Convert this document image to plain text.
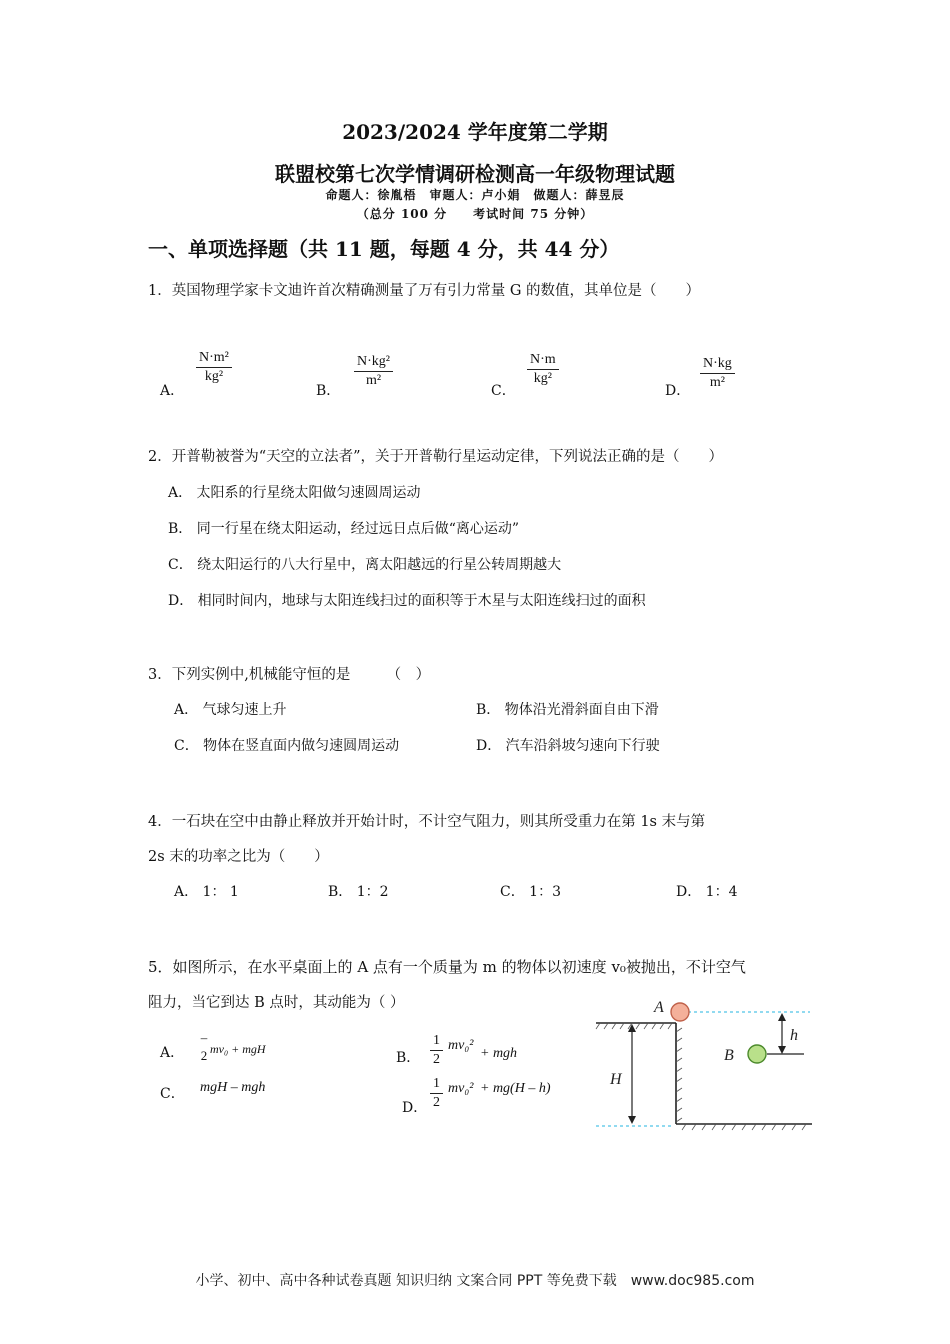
2023/2024 学年度第二学期
联盟校第七次学情调研检测高一年级物理试题
命题人：徐胤梧　审题人：卢小娟　做题人：薛昱辰
（总分 100 分　　考试时间 75 分钟）
一、单项选择题（共 11 题，每题 4 分，共 44 分）
1．英国物理学家卡文迪许首次精确测量了万有引力常量 G 的数值，其单位是（　　）
A．
$\frac{\text{N·m²}}{\text{kg²}}$
B．
$\frac{\text{N·kg²}}{\text{m²}}$
C．
$\frac{N\cdot m}{\text{kg²}}$
D． $\frac{N\cdot kg}{\text{m²}}$
2．开普勒被誉为“天空的立法者”，关于开普勒行星运动定律，下列说法正确的是（　　）
A． 太阳系的行星绕太阳做匀速圆周运动
B． 同一行星在绕太阳运动，经过远日点后做“离心运动”
C． 绕太阳运行的八大行星中，离太阳越远的行星公转周期越大
D． 相同时间内，地球与太阳连线扫过的面积等于木星与太阳连线扫过的面积
3．下列实例中,机械能守恒的是　　　（　）
A． 气球匀速上升	B． 物体沿光滑斜面自由下滑
C． 物体在竖直面内做匀速圆周运动	D． 汽车沿斜坡匀速向下行驶
4．一石块在空中由静止释放并开始计时，不计空气阻力，则其所受重力在第 1s 末与第
2s 末的功率之比为（　　）
A． 1： 1	B． 1：2	C． 1：3	D． 1：4
5．如图所示，在水平桌面上的 A 点有一个质量为 m 的物体以初速度 v₀被抛出，不计空气
阻力，当它到达 B 点时，其动能为（ ）
A．
–
2 mv₀ + mgH
C． mgH – mgh
B． $\frac{1}{2} mv_0^2$
+ mgh
D． $\frac{1}{2} mv_0^2 + mg(H - h)$
A
B
h
H
小学、初中、高中各种试卷真题 知识归纳 文案合同 PPT 等免费下载　www.doc985.com
